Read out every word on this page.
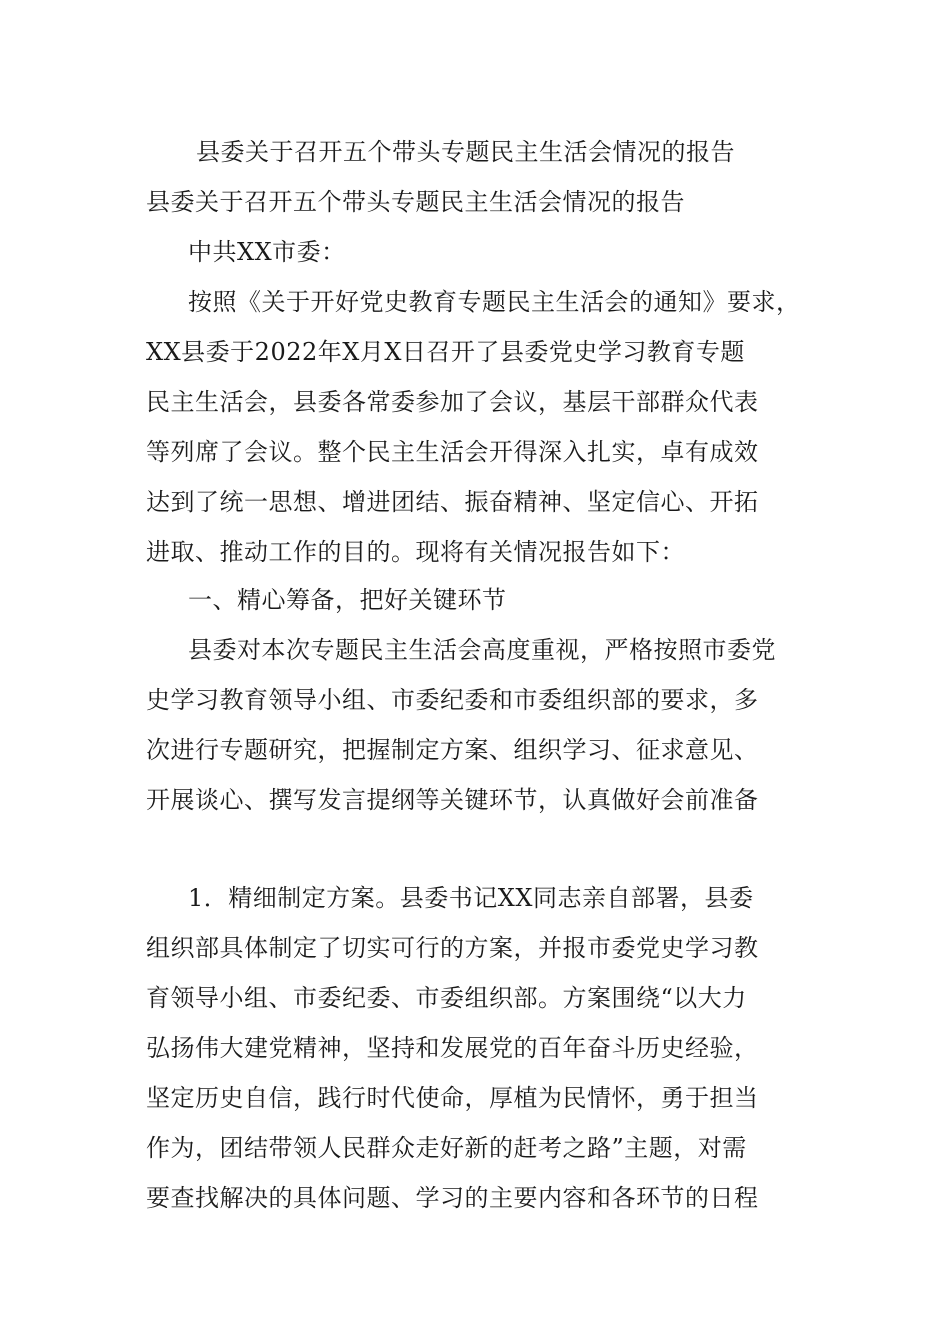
县委关于召开五个带头专题民主生活会情况的报告
县委关于召开五个带头专题民主生活会情况的报告
中共XX市委：
按照《关于开好党史教育专题民主生活会的通知》要求，
XX县委于2022年X月X日召开了县委党史学习教育专题
民主生活会，县委各常委参加了会议，基层干部群众代表
等列席了会议。整个民主生活会开得深入扎实，卓有成效
达到了统一思想、增进团结、振奋精神、坚定信心、开拓
进取、推动工作的目的。现将有关情况报告如下：
一、精心筹备，把好关键环节
县委对本次专题民主生活会高度重视，严格按照市委党
史学习教育领导小组、市委纪委和市委组织部的要求，多
次进行专题研究，把握制定方案、组织学习、征求意见、
开展谈心、撰写发言提纲等关键环节，认真做好会前准备
1．精细制定方案。县委书记XX同志亲自部署，县委
组织部具体制定了切实可行的方案，并报市委党史学习教
育领导小组、市委纪委、市委组织部。方案围绕“以大力
弘扬伟大建党精神，坚持和发展党的百年奋斗历史经验，
坚定历史自信，践行时代使命，厚植为民情怀，勇于担当
作为，团结带领人民群众走好新的赶考之路”主题，对需
要查找解决的具体问题、学习的主要内容和各环节的日程
